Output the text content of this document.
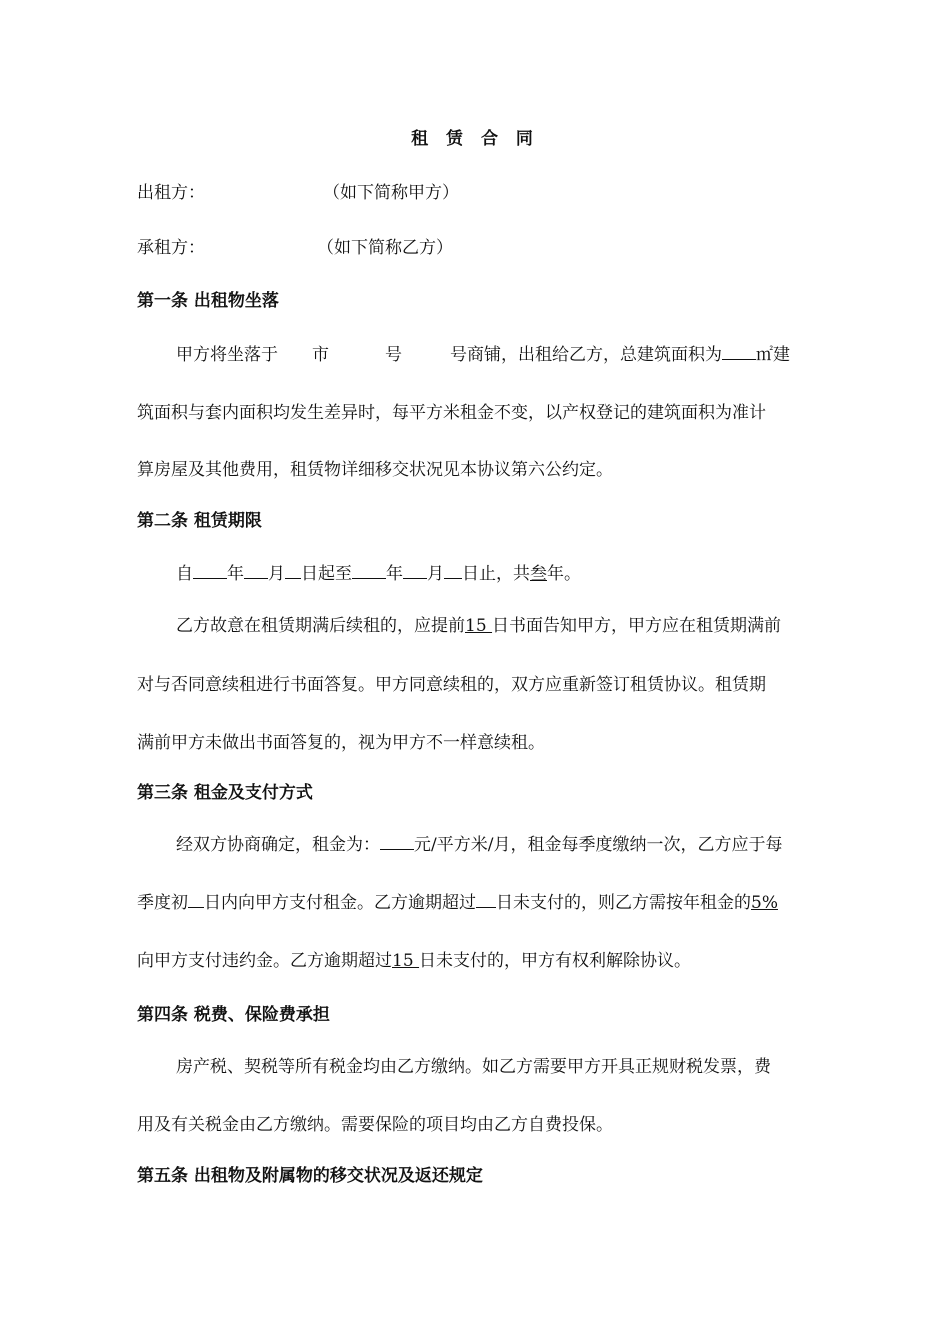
租 赁 合 同
出租方：	（如下简称甲方）
承租方：	（如下简称乙方）
第一条 出租物坐落
甲方将坐落于 市	号	号商铺，出租给乙方，总建筑面积为 ㎡建
筑面积与套内面积均发生差异时，每平方米租金不变，以产权登记的建筑面积为准计
算房屋及其他费用，租赁物详细移交状况见本协议第六公约定。
第二条 租赁期限
自 年 月 日起至 年 月 日止，共叁年。
乙方故意在租赁期满后续租的，应提前15 日书面告知甲方，甲方应在租赁期满前
对与否同意续租进行书面答复。甲方同意续租的，双方应重新签订租赁协议。租赁期
满前甲方未做出书面答复的，视为甲方不一样意续租。
第三条 租金及支付方式
经双方协商确定，租金为： 元/平方米/月，租金每季度缴纳一次，乙方应于每
季度初 日内向甲方支付租金。乙方逾期超过 日未支付的，则乙方需按年租金的5%
向甲方支付违约金。乙方逾期超过15 日未支付的，甲方有权利解除协议。
第四条 税费、保险费承担
房产税、契税等所有税金均由乙方缴纳。如乙方需要甲方开具正规财税发票，费
用及有关税金由乙方缴纳。需要保险的项目均由乙方自费投保。
第五条 出租物及附属物的移交状况及返还规定
